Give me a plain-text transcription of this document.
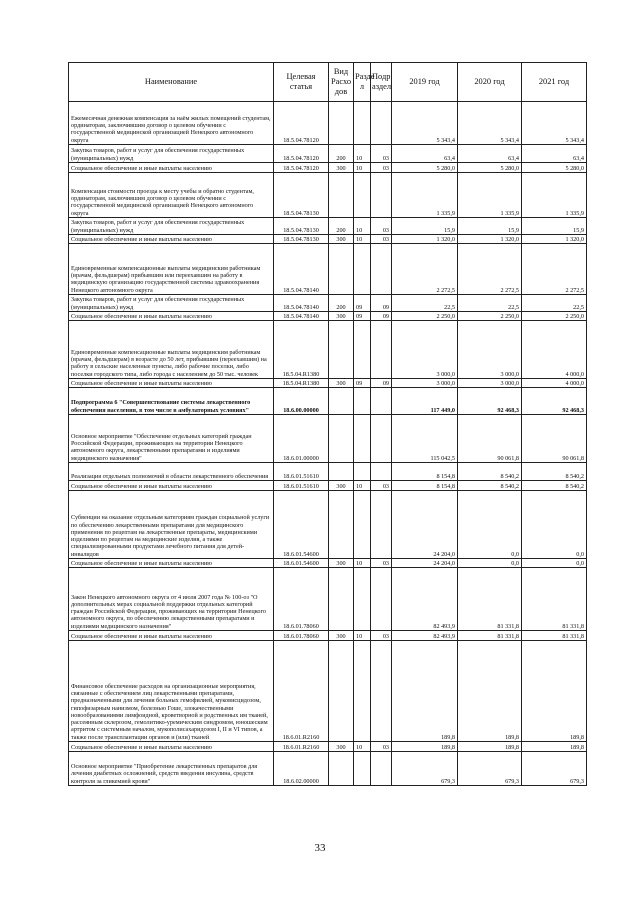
Наименование	Целевая статья	Вид Расхо дов	Разде л	Подр аздел	2019 год	2020 год	2021 год
Ежемесячная денежная компенсация за наём жилых помещений студентам, ординаторам, заключившим договор о целевом обучении с государственной медицинской организацией Ненецкого автономного округа	18.5.04.78120				5 343,4	5 343,4	5 343,4
Закупка товаров, работ и услуг для обеспечения государственных (муниципальных) нужд	18.5.04.78120	200	10	03	63,4	63,4	63,4
Социальное обеспечение и иные выплаты населению	18.5.04.78120	300	10	03	5 280,0	5 280,0	5 280,0
Компенсация стоимости проезда к месту учебы и обратно студентам, ординаторам, заключившим договор о целевом обучении с государственной медицинской организацией Ненецкого автономного округа	18.5.04.78130				1 335,9	1 335,9	1 335,9
Закупка товаров, работ и услуг для обеспечения государственных (муниципальных) нужд	18.5.04.78130	200	10	03	15,9	15,9	15,9
Социальное обеспечение и иные выплаты населению	18.5.04.78130	300	10	03	1 320,0	1 320,0	1 320,0
Единовременные компенсационные выплаты медицинским работникам (врачам, фельдшерам) прибывшим или переехавшим на работу в медицинскую организацию государственной системы здравоохранения Ненецкого автономного округа	18.5.04.78140				2 272,5	2 272,5	2 272,5
Закупка товаров, работ и услуг для обеспечения государственных (муниципальных) нужд	18.5.04.78140	200	09	09	22,5	22,5	22,5
Социальное обеспечение и иные выплаты населению	18.5.04.78140	300	09	09	2 250,0	2 250,0	2 250,0
Единовременные компенсационные выплаты медицинским работникам (врачам, фельдшерам) в возрасте до 50 лет, прибывшим (переехавшим) на работу в сельские населенные пункты, либо рабочие поселки, либо поселки городского типа, либо города с населением до 50 тыс. человек	18.5.04.R1380				3 000,0	3 000,0	4 000,0
Социальное обеспечение и иные выплаты населению	18.5.04.R1380	300	09	09	3 000,0	3 000,0	4 000,0
Подпрограмма 6 "Совершенствование системы лекарственного обеспечения населения, в том числе в амбулаторных условиях"	18.6.00.00000				117 449,0	92 468,3	92 468,3
Основное мероприятие "Обеспечение отдельных категорий граждан Российской Федерации, проживающих на территории Ненецкого автономного округа, лекарственными препаратами и изделиями медицинского назначения"	18.6.01.00000				115 042,5	90 061,8	90 061,8
Реализация отдельных полномочий в области лекарственного обеспечения	18.6.01.51610				8 154,8	8 540,2	8 540,2
Социальное обеспечение и иные выплаты населению	18.6.01.51610	300	10	03	8 154,8	8 540,2	8 540,2
Субвенции на оказание отдельным категориям граждан социальной услуги по обеспечению лекарственными препаратами для медицинского применения по рецептам на лекарственные препараты, медицинскими изделиями по рецептам на медицинские изделия, а также специализированными продуктами лечебного питания для детей-инвалидов	18.6.01.54600				24 204,0	0,0	0,0
Социальное обеспечение и иные выплаты населению	18.6.01.54600	300	10	03	24 204,0	0,0	0,0
Закон Ненецкого автономного округа от 4 июля 2007 года № 100-оз "О дополнительных мерах социальной поддержки отдельных категорий граждан Российской Федерации, проживающих на территории Ненецкого автономного округа, по обеспечению лекарственными препаратами и изделиями медицинского назначения"	18.6.01.78060				82 493,9	81 331,8	81 331,8
Социальное обеспечение и иные выплаты населению	18.6.01.78060	300	10	03	82 493,9	81 331,8	81 331,8
Финансовое обеспечение расходов на организационные мероприятия, связанные с обеспечением лиц лекарственными препаратами, предназначенными для лечения больных гемофилией, муковисцидозом, гипофизарным нанизмом, болезнью Гоше, злокачественными новообразованиями лимфоидной, кроветворной и родственных им тканей, рассеянным склерозом, гемолитико-уремическим синдромом, юношеским артритом с системным началом, мукополисахаридозом I, II и VI типов, а также после трансплантации органов и (или) тканей	18.6.01.R2160				189,8	189,8	189,8
Социальное обеспечение и иные выплаты населению	18.6.01.R2160	300	10	03	189,8	189,8	189,8
Основное мероприятие "Приобретение лекарственных препаратов для лечения диабетных осложнений, средств введения инсулина, средств контроля за гликемией крови"	18.6.02.00000				679,3	679,3	679,3
33
